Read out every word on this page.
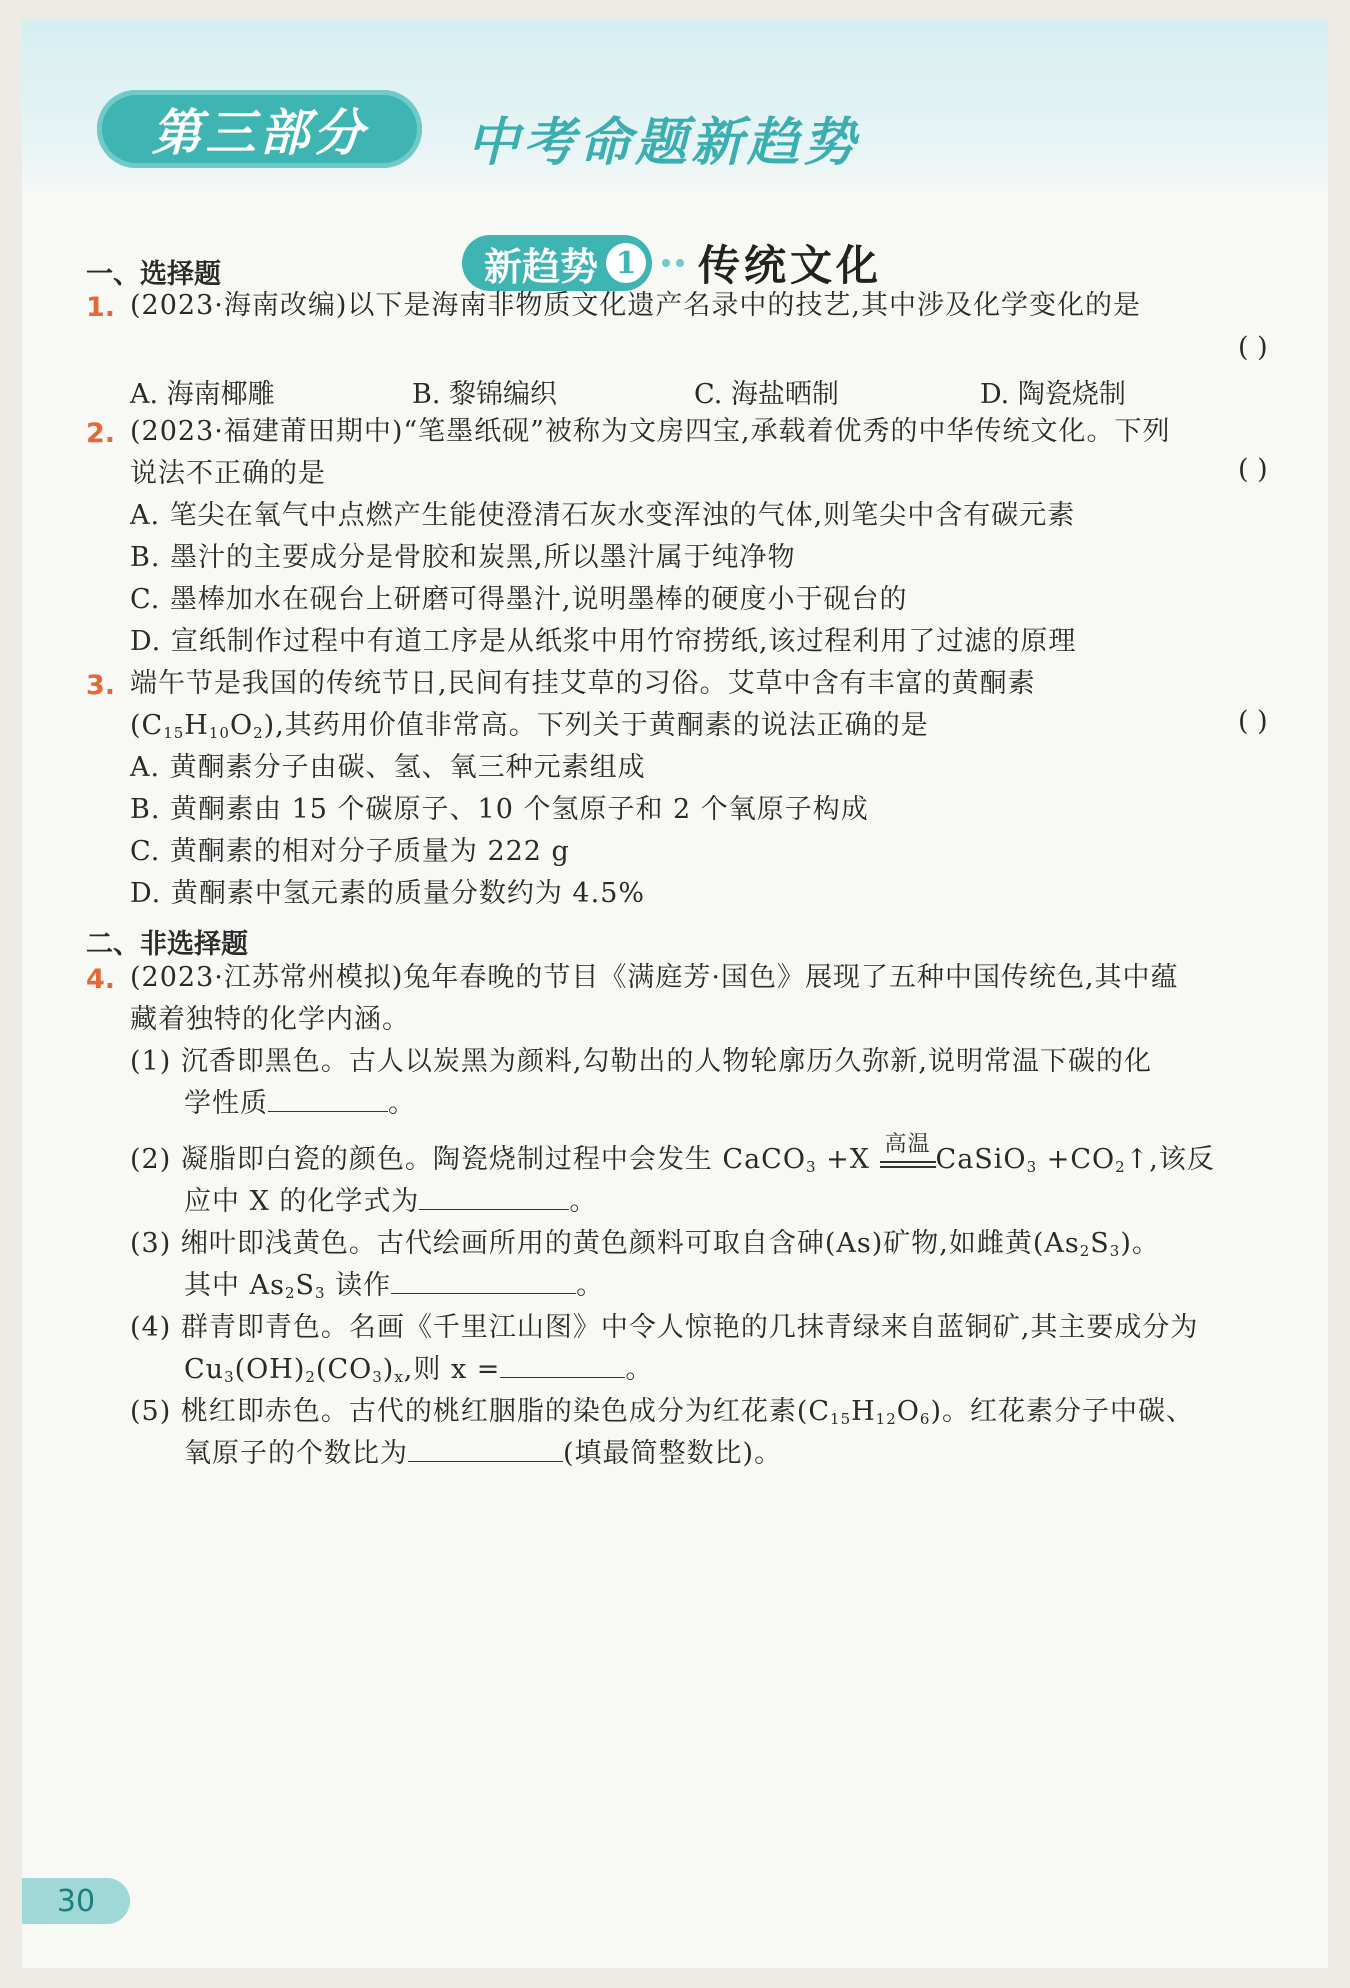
第三部分	中考命题新趋势
新趋势 1 传统文化
一、选择题
1. (2023·海南改编)以下是海南非物质文化遗产名录中的技艺,其中涉及化学变化的是
( )
A. 海南椰雕	B. 黎锦编织	C. 海盐晒制	D. 陶瓷烧制
2. (2023·福建莆田期中)“笔墨纸砚”被称为文房四宝,承载着优秀的中华传统文化。下列
说法不正确的是	( )
A. 笔尖在氧气中点燃产生能使澄清石灰水变浑浊的气体,则笔尖中含有碳元素
B. 墨汁的主要成分是骨胶和炭黑,所以墨汁属于纯净物
C. 墨棒加水在砚台上研磨可得墨汁,说明墨棒的硬度小于砚台的
D. 宣纸制作过程中有道工序是从纸浆中用竹帘捞纸,该过程利用了过滤的原理
3. 端午节是我国的传统节日,民间有挂艾草的习俗。艾草中含有丰富的黄酮素
$(C_{15}H_{10}O_2)$,其药用价值非常高。下列关于黄酮素的说法正确的是	( )
A. 黄酮素分子由碳、氢、氧三种元素组成
B. 黄酮素由 15 个碳原子、10 个氢原子和 2 个氧原子构成
C. 黄酮素的相对分子质量为 222 g
D. 黄酮素中氢元素的质量分数约为 4.5%
二、非选择题
4. (2023·江苏常州模拟)兔年春晚的节目《满庭芳·国色》展现了五种中国传统色,其中蕴
藏着独特的化学内涵。
(1) 沉香即黑色。古人以炭黑为颜料,勾勒出的人物轮廓历久弥新,说明常温下碳的化
学性质	。
(2) 凝脂即白瓷的颜色。陶瓷烧制过程中会发生 CaCO$_3$ +X 高温 CaSiO$_3$ $+CO_2↑$,该反
应中 X 的化学式为	。
(3) 缃叶即浅黄色。古代绘画所用的黄色颜料可取自含砷(As)矿物,如雌黄$(As_2S_3)$。
其中 $As_2S_3$ 读作	。
(4) 群青即青色。名画《千里江山图》中令人惊艳的几抹青绿来自蓝铜矿,其主要成分为
$Cu_3(OH)_2(CO_3)_x$,则 x =	。
(5) 桃红即赤色。古代的桃红胭脂的染色成分为红花素$(C_{15}H_{12}O_6)$。红花素分子中碳、
氧原子的个数比为	(填最简整数比)。
30
